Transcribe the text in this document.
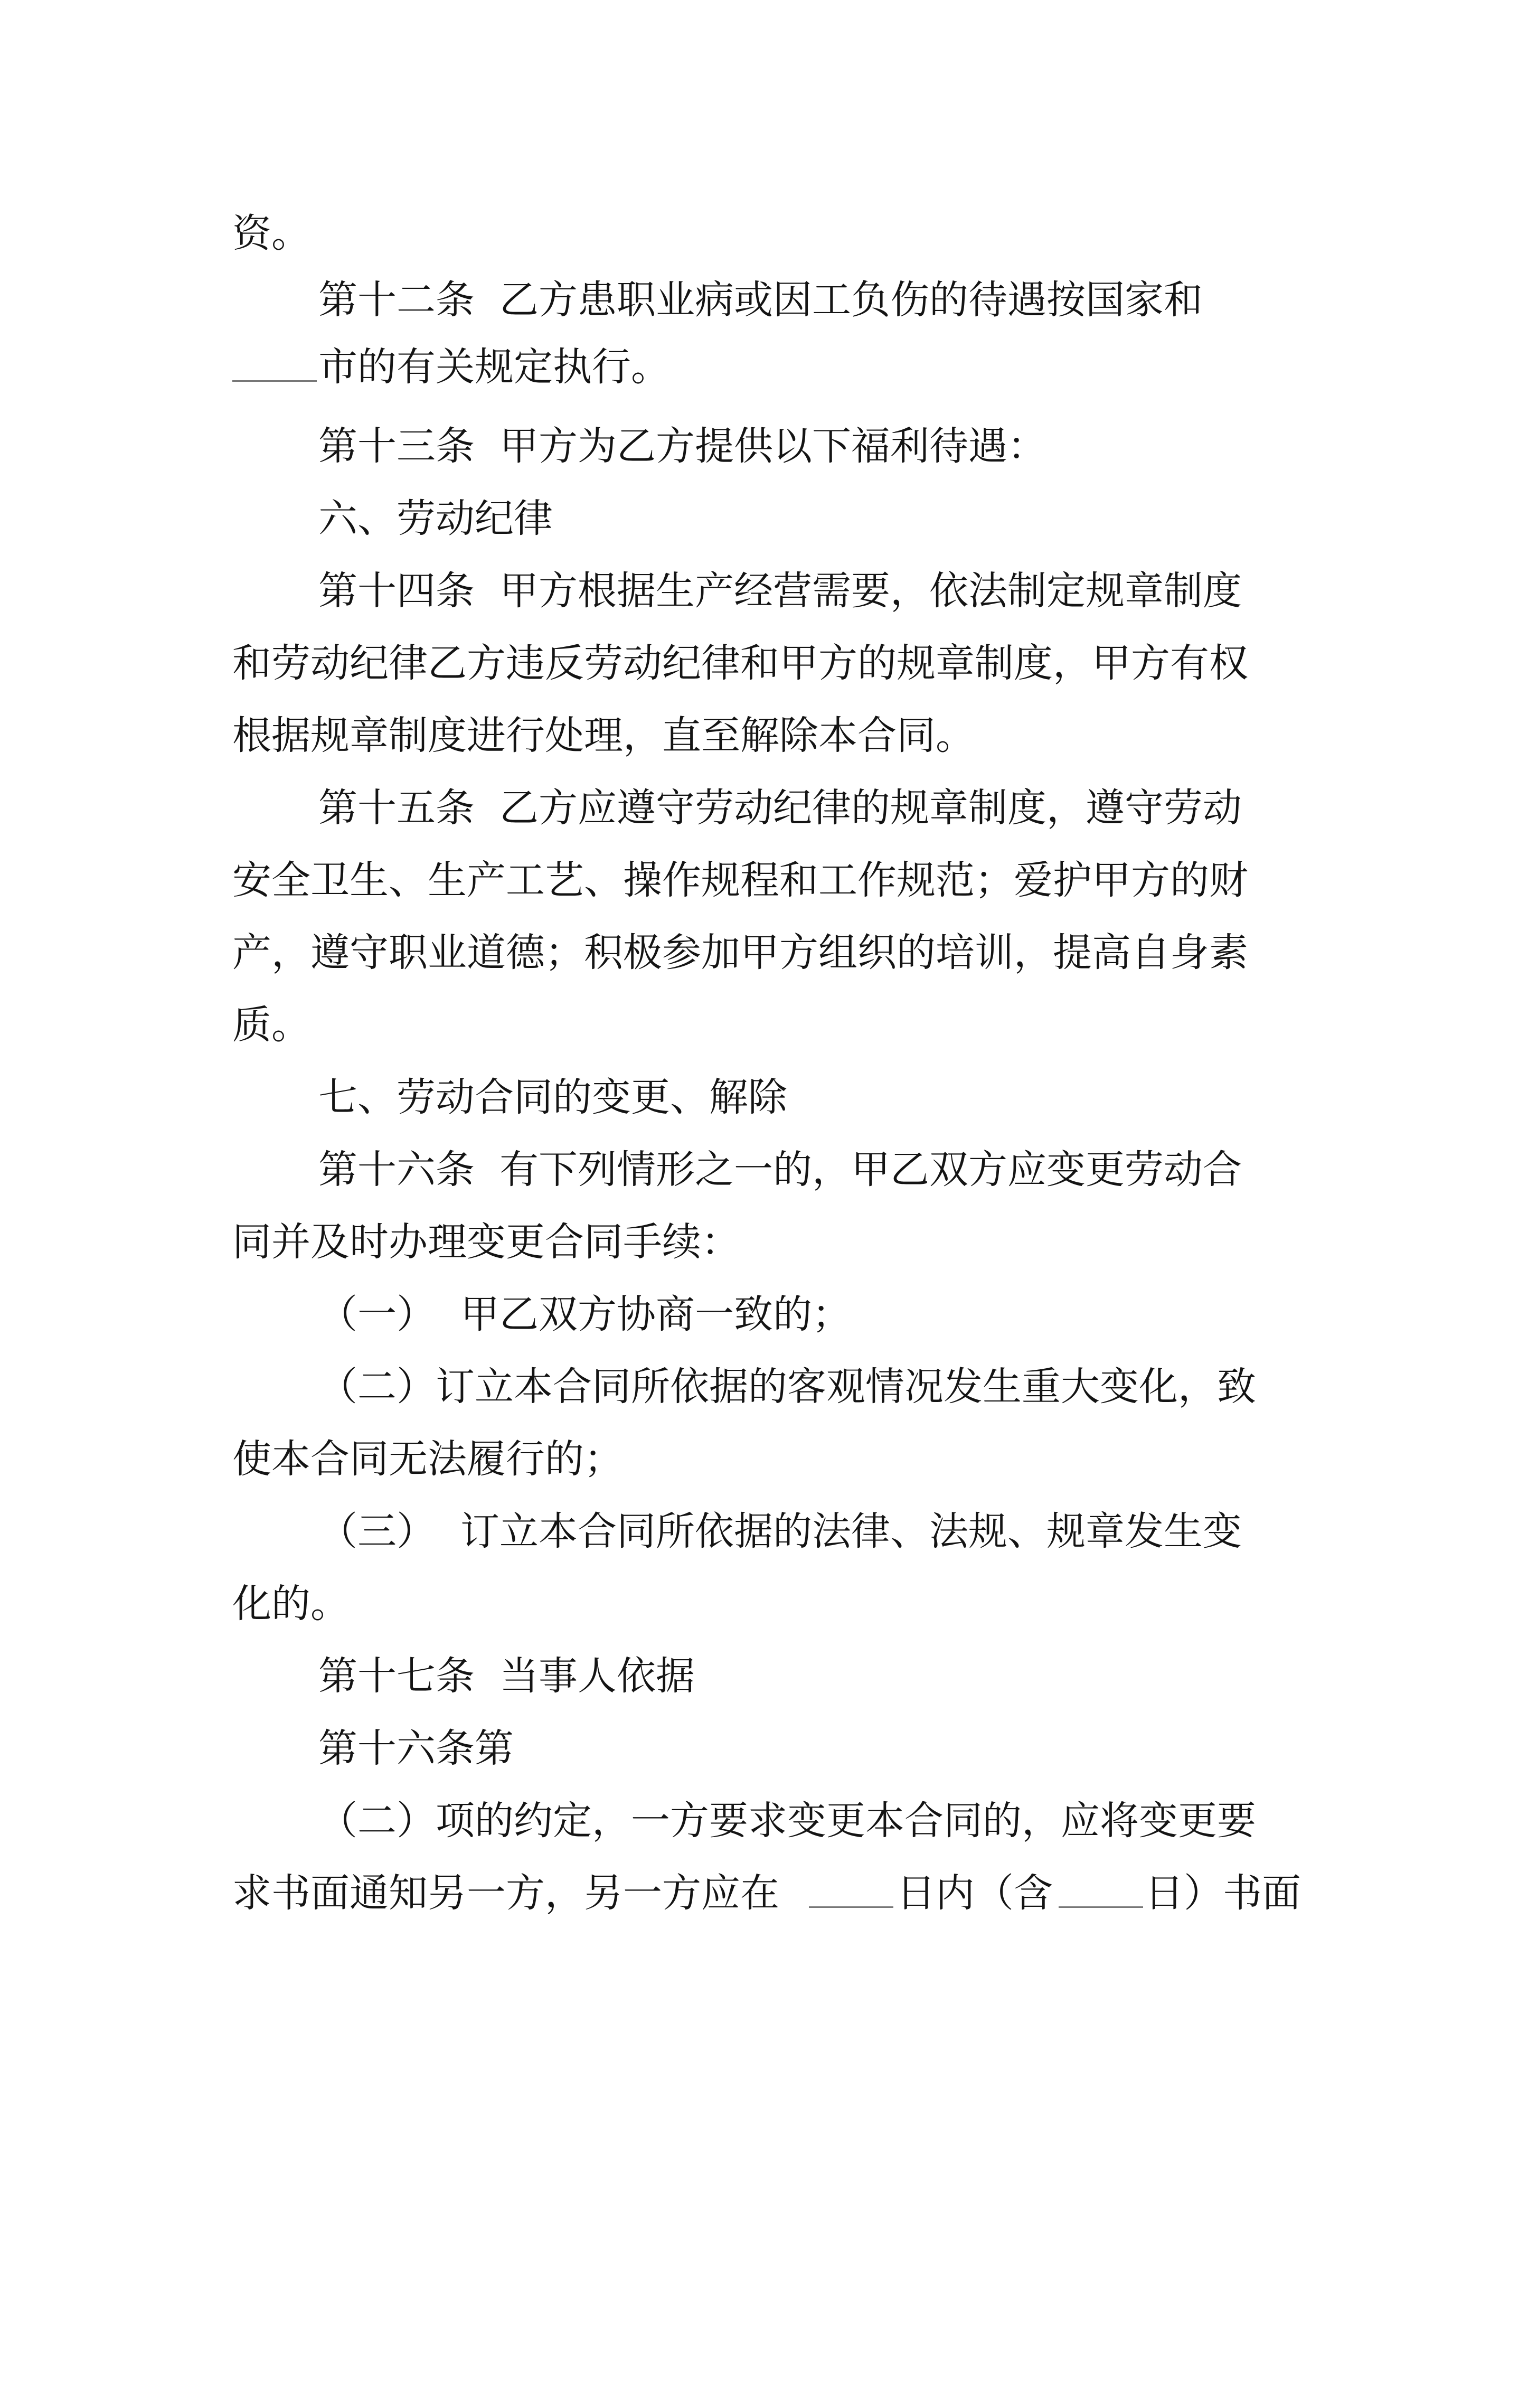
资。

第十二条  乙方患职业病或因工负伤的待遇按国家和

市的有关规定执行。

第十三条  甲方为乙方提供以下福利待遇：

六、劳动纪律

第十四条  甲方根据生产经营需要，依法制定规章制度

和劳动纪律乙方违反劳动纪律和甲方的规章制度，甲方有权

根据规章制度进行处理，直至解除本合同。

第十五条  乙方应遵守劳动纪律的规章制度，遵守劳动

安全卫生、生产工艺、操作规程和工作规范；爱护甲方的财

产，遵守职业道德；积极参加甲方组织的培训，提高自身素

质。

七、劳动合同的变更、解除

第十六条  有下列情形之一的，甲乙双方应变更劳动合

同并及时办理变更合同手续：

（一）  甲乙双方协商一致的；

（二）订立本合同所依据的客观情况发生重大变化，致

使本合同无法履行的；

（三）  订立本合同所依据的法律、法规、规章发生变

化的。

第十七条  当事人依据

第十六条第

（二）项的约定，一方要求变更本合同的，应将变更要

求书面通知另一方，另一方应在

	日内（含

日）书面
